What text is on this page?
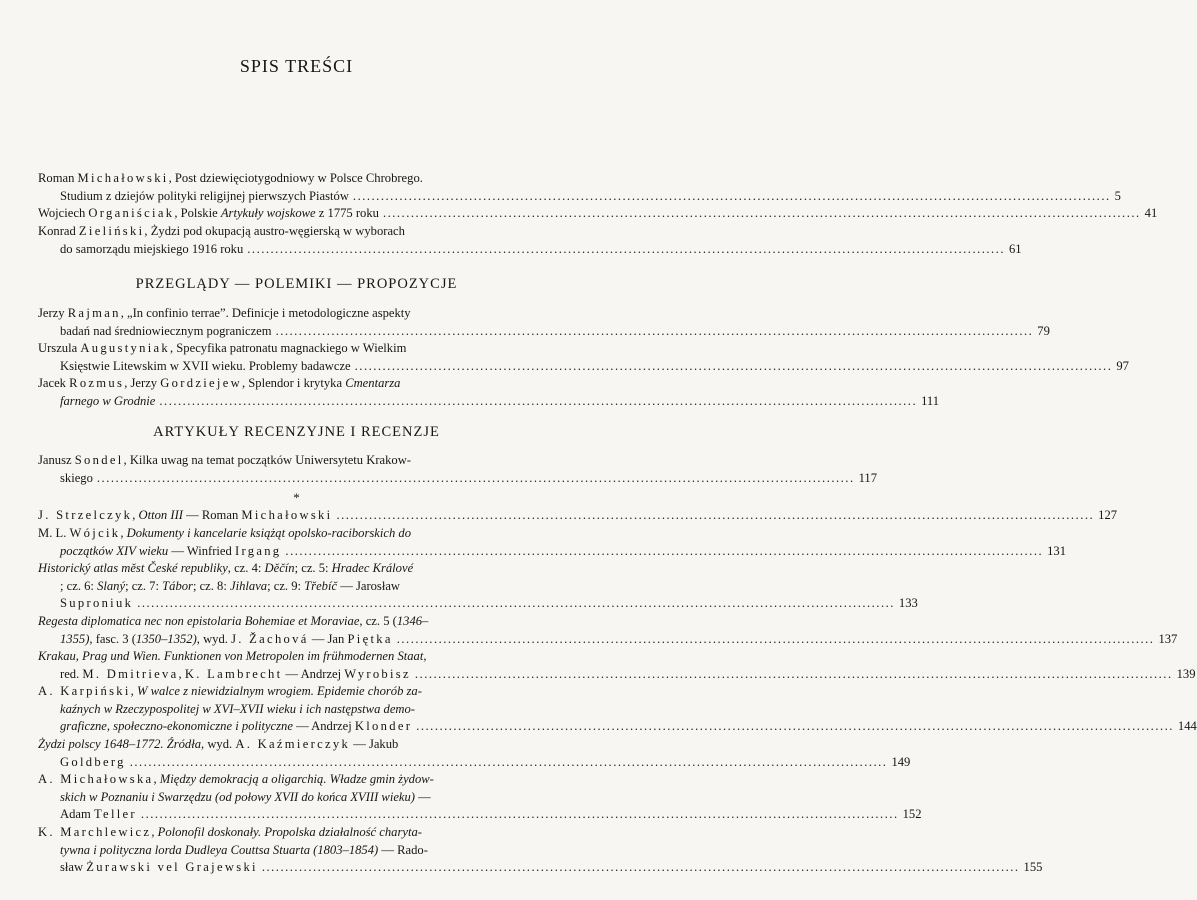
SPIS TREŚCI
Roman Michałowski, Post dziewięciotygodniowy w Polsce Chrobrego.
Studium z dziejów polityki religijnej pierwszych Piastów ................................................................................................................................................................... 5
Wojciech Organiściak, Polskie Artykuły wojskowe z 1775 roku ................................................................................................................................................................... 41
Konrad Zieliński, Żydzi pod okupacją austro-węgierską w wyborach
do samorządu miejskiego 1916 roku ................................................................................................................................................................... 61
PRZEGLĄDY — POLEMIKI — PROPOZYCJE
Jerzy Rajman, „In confinio terrae”. Definicje i metodologiczne aspekty
badań nad średniowiecznym pograniczem ................................................................................................................................................................... 79
Urszula Augustyniak, Specyfika patronatu magnackiego w Wielkim
Księstwie Litewskim w XVII wieku. Problemy badawcze ................................................................................................................................................................... 97
Jacek Rozmus, Jerzy Gordziejew, Splendor i krytyka Cmentarza
farnego w Grodnie ................................................................................................................................................................... 111
ARTYKUŁY RECENZYJNE I RECENZJE
Janusz Sondel, Kilka uwag na temat początków Uniwersytetu Krakow-
skiego ................................................................................................................................................................... 117
*
J. Strzelczyk, Otton III — Roman Michałowski ................................................................................................................................................................... 127
M. L. Wójcik, Dokumenty i kancelarie książąt opolsko-raciborskich do
początków XIV wieku — Winfried Irgang ................................................................................................................................................................... 131
Historický atlas měst České republiky, cz. 4: Děčín; cz. 5: Hradec Králové
; cz. 6: Slaný; cz. 7: Tábor; cz. 8: Jihlava; cz. 9: Třebíč — Jarosław
Suproniuk ................................................................................................................................................................... 133
Regesta diplomatica nec non epistolaria Bohemiae et Moraviae, cz. 5 (1346–
1355), fasc. 3 (1350–1352), wyd. J. Žachová — Jan Piętka ................................................................................................................................................................... 137
Krakau, Prag und Wien. Funktionen von Metropolen im frühmodernen Staat,
red. M. Dmitrieva, K. Lambrecht — Andrzej Wyrobisz ................................................................................................................................................................... 139
A. Karpiński, W walce z niewidzialnym wrogiem. Epidemie chorób za-
kaźnych w Rzeczypospolitej w XVI–XVII wieku i ich następstwa demo-
graficzne, społeczno-ekonomiczne i polityczne — Andrzej Klonder ................................................................................................................................................................... 144
Żydzi polscy 1648–1772. Źródła, wyd. A. Kaźmierczyk — Jakub
Goldberg ................................................................................................................................................................... 149
A. Michałowska, Między demokracją a oligarchią. Władze gmin żydow-
skich w Poznaniu i Swarzędzu (od połowy XVII do końca XVIII wieku) —
Adam Teller ................................................................................................................................................................... 152
K. Marchlewicz, Polonofil doskonały. Propolska działalność charyta-
tywna i polityczna lorda Dudleya Couttsa Stuarta (1803–1854) — Rado-
sław Żurawski vel Grajewski ................................................................................................................................................................... 155
